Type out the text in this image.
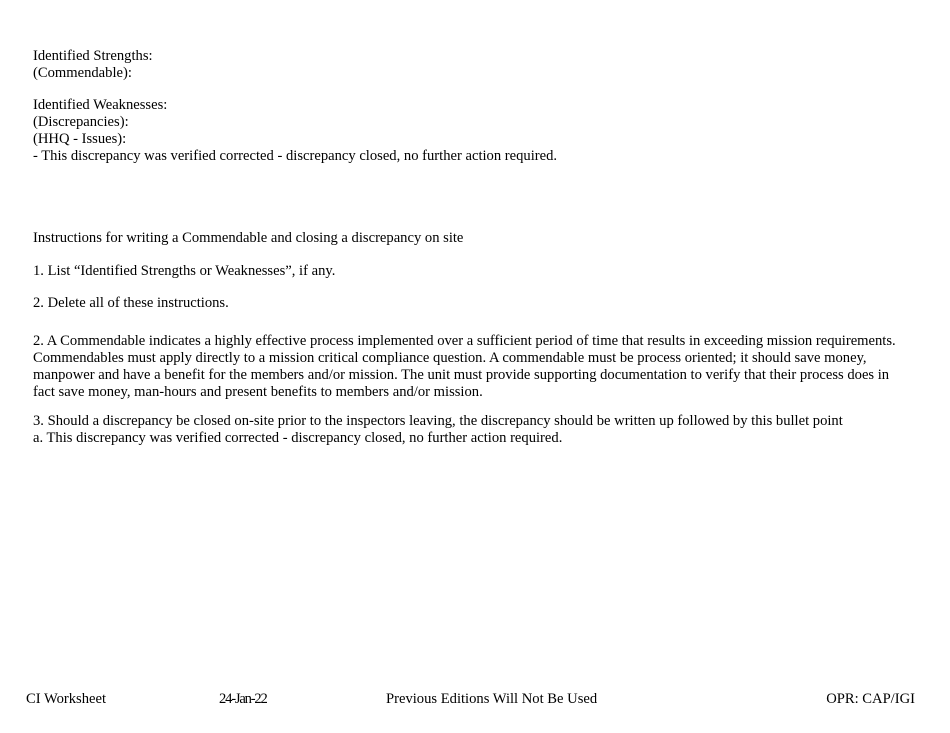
Identified Strengths:
(Commendable):
Identified Weaknesses:
(Discrepancies):
(HHQ - Issues):
- This discrepancy was verified corrected - discrepancy closed, no further action required.
Instructions for writing a Commendable and closing a discrepancy on site
1. List “Identified Strengths or Weaknesses”, if any.
2. Delete all of these instructions.
2. A Commendable indicates a highly effective process implemented over a sufficient period of time that results in exceeding mission requirements. Commendables must apply directly to a mission critical compliance question. A commendable must be process oriented; it should save money, manpower and have a benefit for the members and/or mission. The unit must provide supporting documentation to verify that their process does in fact save money, man-hours and present benefits to members and/or mission.
3. Should a discrepancy be closed on-site prior to the inspectors leaving, the discrepancy should be written up followed by this bullet point
a. This discrepancy was verified corrected - discrepancy closed, no further action required.
CI Worksheet	24-Jan-22	Previous Editions Will Not Be Used	OPR: CAP/IGI
